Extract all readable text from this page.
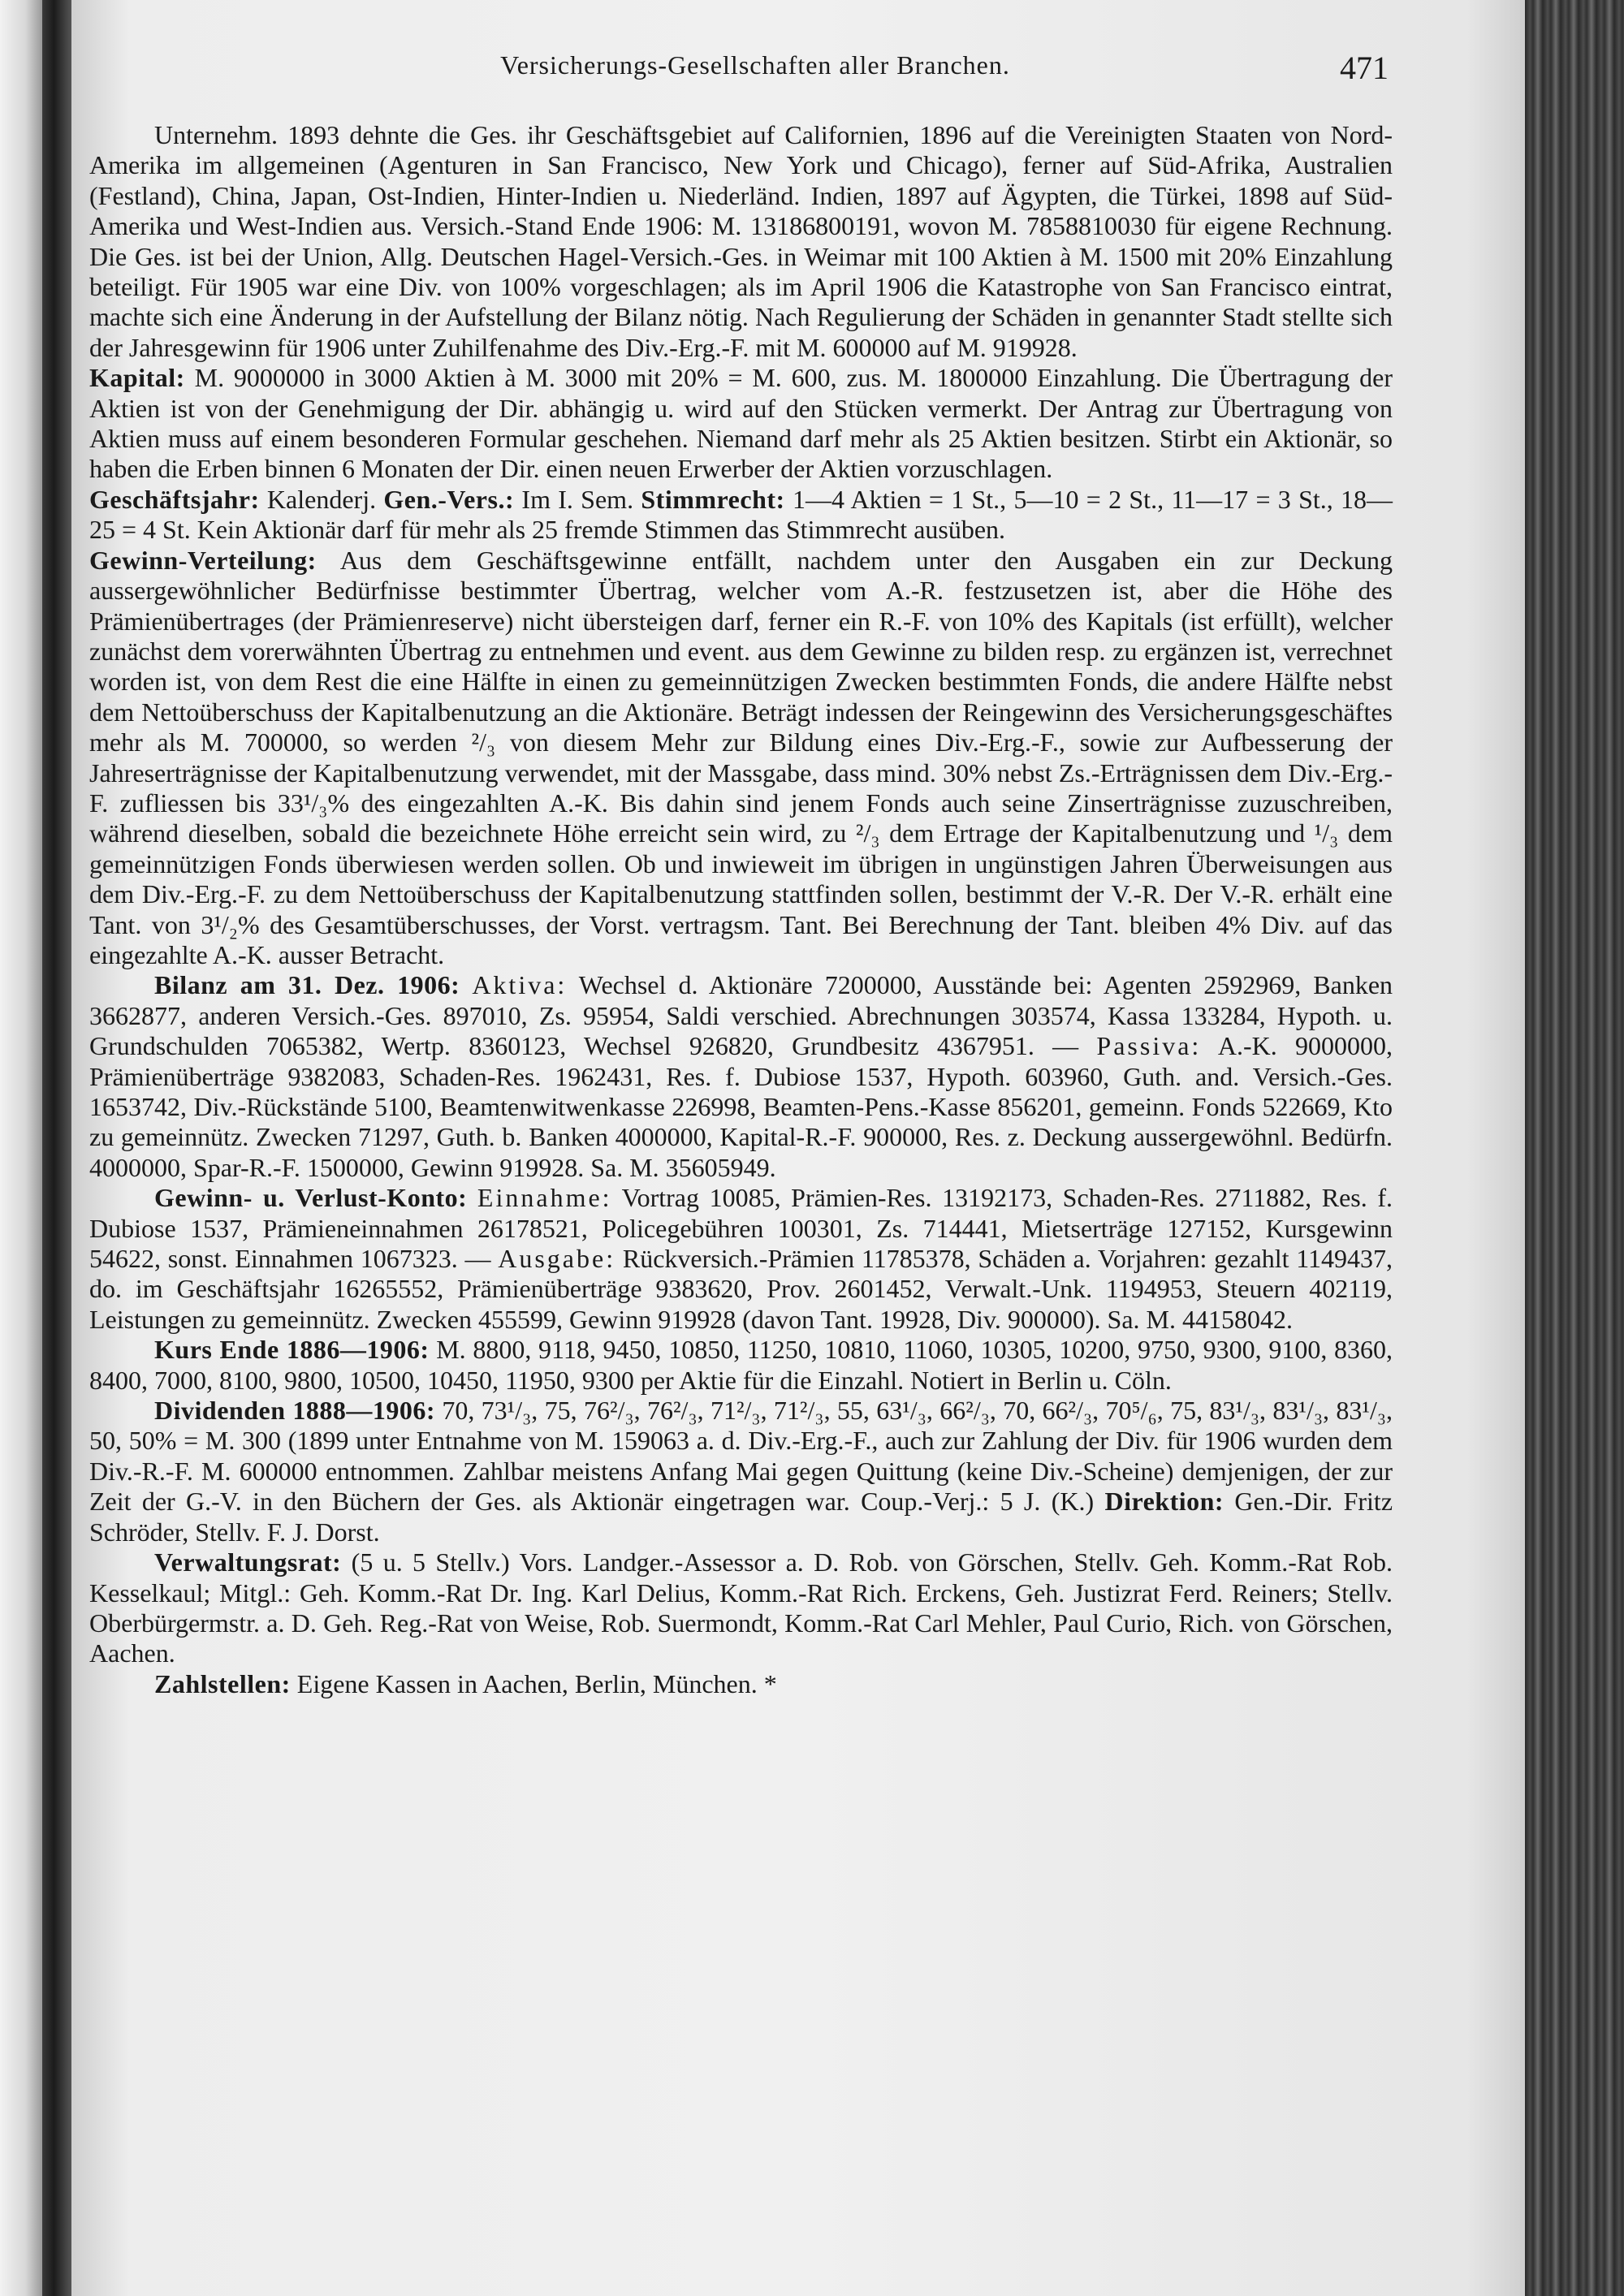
Versicherungs-Gesellschaften aller Branchen.	471

Unternehm. 1893 dehnte die Ges. ihr Geschäftsgebiet auf Californien, 1896 auf die Vereinigten Staaten von Nord-Amerika im allgemeinen (Agenturen in San Francisco, New York und Chicago), ferner auf Süd-Afrika, Australien (Festland), China, Japan, Ost-Indien, Hinter-Indien u. Niederländ. Indien, 1897 auf Ägypten, die Türkei, 1898 auf Süd-Amerika und West-Indien aus. Versich.-Stand Ende 1906: M. 13186800191, wovon M. 7858810030 für eigene Rechnung. Die Ges. ist bei der Union, Allg. Deutschen Hagel-Versich.-Ges. in Weimar mit 100 Aktien à M. 1500 mit 20% Einzahlung beteiligt. Für 1905 war eine Div. von 100% vorgeschlagen; als im April 1906 die Katastrophe von San Francisco eintrat, machte sich eine Änderung in der Aufstellung der Bilanz nötig. Nach Regulierung der Schäden in genannter Stadt stellte sich der Jahresgewinn für 1906 unter Zuhilfenahme des Div.-Erg.-F. mit M. 600000 auf M. 919928.

Kapital: M. 9000000 in 3000 Aktien à M. 3000 mit 20% = M. 600, zus. M. 1800000 Einzahlung. Die Übertragung der Aktien ist von der Genehmigung der Dir. abhängig u. wird auf den Stücken vermerkt. Der Antrag zur Übertragung von Aktien muss auf einem besonderen Formular geschehen. Niemand darf mehr als 25 Aktien besitzen. Stirbt ein Aktionär, so haben die Erben binnen 6 Monaten der Dir. einen neuen Erwerber der Aktien vorzuschlagen.

Geschäftsjahr: Kalenderj. Gen.-Vers.: Im I. Sem. Stimmrecht: 1—4 Aktien = 1 St., 5—10 = 2 St., 11—17 = 3 St., 18—25 = 4 St. Kein Aktionär darf für mehr als 25 fremde Stimmen das Stimmrecht ausüben.

Gewinn-Verteilung: Aus dem Geschäftsgewinne entfällt, nachdem unter den Ausgaben ein zur Deckung aussergewöhnlicher Bedürfnisse bestimmter Übertrag, welcher vom A.-R. festzusetzen ist, aber die Höhe des Prämienübertrages (der Prämienreserve) nicht übersteigen darf, ferner ein R.-F. von 10% des Kapitals (ist erfüllt), welcher zunächst dem vorerwähnten Übertrag zu entnehmen und event. aus dem Gewinne zu bilden resp. zu ergänzen ist, verrechnet worden ist, von dem Rest die eine Hälfte in einen zu gemeinnützigen Zwecken bestimmten Fonds, die andere Hälfte nebst dem Nettoüberschuss der Kapitalbenutzung an die Aktionäre. Beträgt indessen der Reingewinn des Versicherungsgeschäftes mehr als M. 700000, so werden ²/₃ von diesem Mehr zur Bildung eines Div.-Erg.-F., sowie zur Aufbesserung der Jahreserträgnisse der Kapitalbenutzung verwendet, mit der Massgabe, dass mind. 30% nebst Zs.-Erträgnissen dem Div.-Erg.-F. zufliessen bis 33¹/₃% des eingezahlten A.-K. Bis dahin sind jenem Fonds auch seine Zinserträgnisse zuzuschreiben, während dieselben, sobald die bezeichnete Höhe erreicht sein wird, zu ²/₃ dem Ertrage der Kapitalbenutzung und ¹/₃ dem gemeinnützigen Fonds überwiesen werden sollen. Ob und inwieweit im übrigen in ungünstigen Jahren Überweisungen aus dem Div.-Erg.-F. zu dem Nettoüberschuss der Kapitalbenutzung stattfinden sollen, bestimmt der V.-R. Der V.-R. erhält eine Tant. von 3¹/₂% des Gesamtüberschusses, der Vorst. vertragsm. Tant. Bei Berechnung der Tant. bleiben 4% Div. auf das eingezahlte A.-K. ausser Betracht.

Bilanz am 31. Dez. 1906: Aktiva: Wechsel d. Aktionäre 7200000, Ausstände bei: Agenten 2592969, Banken 3662877, anderen Versich.-Ges. 897010, Zs. 95954, Saldi verschied. Abrechnungen 303574, Kassa 133284, Hypoth. u. Grundschulden 7065382, Wertp. 8360123, Wechsel 926820, Grundbesitz 4367951. — Passiva: A.-K. 9000000, Prämienüberträge 9382083, Schaden-Res. 1962431, Res. f. Dubiose 1537, Hypoth. 603960, Guth. and. Versich.-Ges. 1653742, Div.-Rückstände 5100, Beamtenwitwenkasse 226998, Beamten-Pens.-Kasse 856201, gemeinn. Fonds 522669, Kto zu gemeinnütz. Zwecken 71297, Guth. b. Banken 4000000, Kapital-R.-F. 900000, Res. z. Deckung aussergewöhnl. Bedürfn. 4000000, Spar-R.-F. 1500000, Gewinn 919928. Sa. M. 35605949.

Gewinn- u. Verlust-Konto: Einnahme: Vortrag 10085, Prämien-Res. 13192173, Schaden-Res. 2711882, Res. f. Dubiose 1537, Prämieneinnahmen 26178521, Policegebühren 100301, Zs. 714441, Mietserträge 127152, Kursgewinn 54622, sonst. Einnahmen 1067323. — Ausgabe: Rückversich.-Prämien 11785378, Schäden a. Vorjahren: gezahlt 1149437, do. im Geschäftsjahr 16265552, Prämienüberträge 9383620, Prov. 2601452, Verwalt.-Unk. 1194953, Steuern 402119, Leistungen zu gemeinnütz. Zwecken 455599, Gewinn 919928 (davon Tant. 19928, Div. 900000). Sa. M. 44158042.

Kurs Ende 1886—1906: M. 8800, 9118, 9450, 10850, 11250, 10810, 11060, 10305, 10200, 9750, 9300, 9100, 8360, 8400, 7000, 8100, 9800, 10500, 10450, 11950, 9300 per Aktie für die Einzahl. Notiert in Berlin u. Cöln.

Dividenden 1888—1906: 70, 73¹/₃, 75, 76²/₃, 76²/₃, 71²/₃, 71²/₃, 55, 63¹/₃, 66²/₃, 70, 66²/₃, 70⁵/₆, 75, 83¹/₃, 83¹/₃, 83¹/₃, 50, 50% = M. 300 (1899 unter Entnahme von M. 159063 a. d. Div.-Erg.-F., auch zur Zahlung der Div. für 1906 wurden dem Div.-R.-F. M. 600000 entnommen. Zahlbar meistens Anfang Mai gegen Quittung (keine Div.-Scheine) demjenigen, der zur Zeit der G.-V. in den Büchern der Ges. als Aktionär eingetragen war. Coup.-Verj.: 5 J. (K.) Direktion: Gen.-Dir. Fritz Schröder, Stellv. F. J. Dorst.

Verwaltungsrat: (5 u. 5 Stellv.) Vors. Landger.-Assessor a. D. Rob. von Görschen, Stellv. Geh. Komm.-Rat Rob. Kesselkaul; Mitgl.: Geh. Komm.-Rat Dr. Ing. Karl Delius, Komm.-Rat Rich. Erckens, Geh. Justizrat Ferd. Reiners; Stellv. Oberbürgermstr. a. D. Geh. Reg.-Rat von Weise, Rob. Suermondt, Komm.-Rat Carl Mehler, Paul Curio, Rich. von Görschen, Aachen.

Zahlstellen: Eigene Kassen in Aachen, Berlin, München. *
